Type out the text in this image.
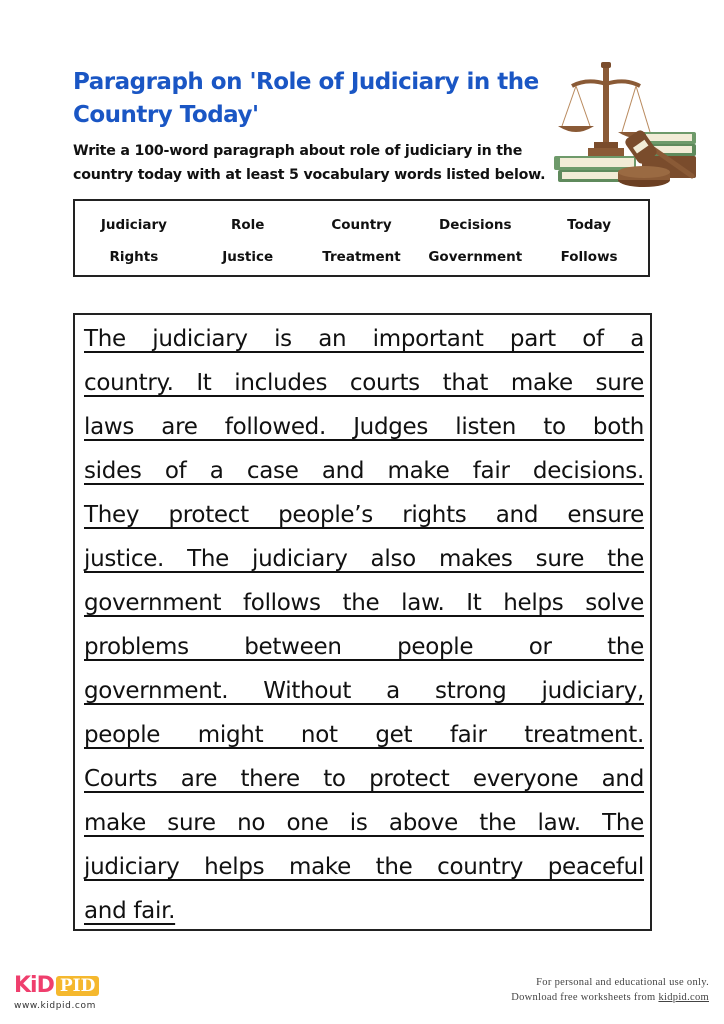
Paragraph on 'Role of Judiciary in the Country Today'
Write a 100-word paragraph about role of judiciary in the
country today with at least 5 vocabulary words listed below.
Judiciary	Role	Country	Decisions	Today
Rights	Justice	Treatment	Government	Follows
The judiciary is an important part of a
country. It includes courts that make sure
laws are followed. Judges listen to both
sides of a case and make fair decisions.
They protect people’s rights and ensure
justice. The judiciary also makes sure the
government follows the law. It helps solve
problems between people or the
government. Without a strong judiciary,
people might not get fair treatment.
Courts are there to protect everyone and
make sure no one is above the law. The
judiciary helps make the country peaceful
and fair.
KiD PID
www.kidpid.com
For personal and educational use only.
Download free worksheets from kidpid.com
